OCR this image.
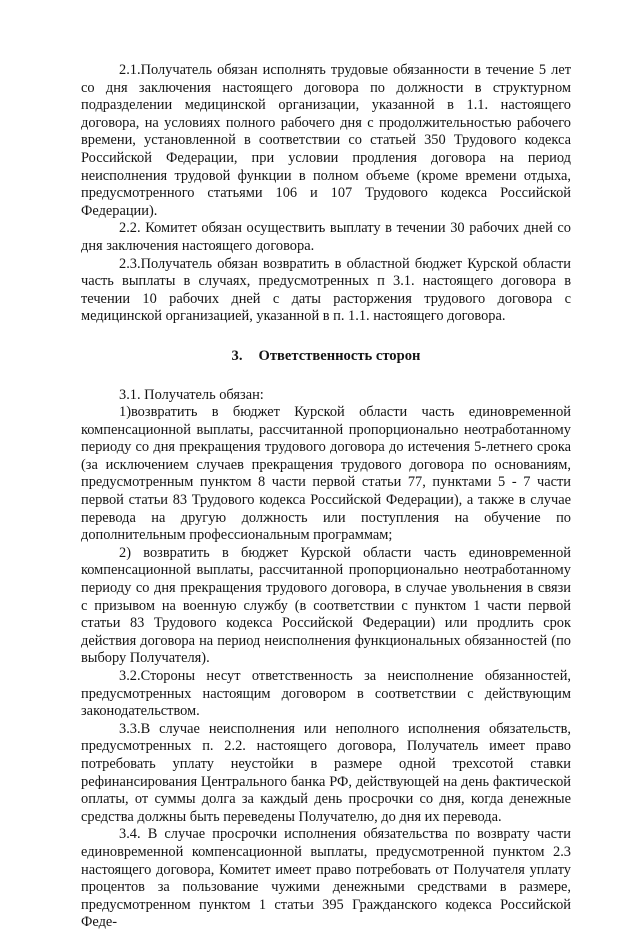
2.1.Получатель обязан исполнять трудовые обязанности в течение 5 лет со дня заключения настоящего договора по должности в структурном подразделении медицинской организации, указанной в 1.1. настоящего договора, на условиях полного рабочего дня с продолжительностью рабочего времени, установленной в соответствии со статьей 350 Трудового кодекса Российской Федерации, при условии продления договора на период неисполнения трудовой функции в полном объеме (кроме времени отдыха, предусмотренного статьями 106 и 107 Трудового кодекса Российской Федерации).

2.2. Комитет обязан осуществить выплату в течении 30 рабочих дней со дня заключения настоящего договора.

2.3.Получатель обязан возвратить в областной бюджет Курской области часть выплаты в случаях, предусмотренных п 3.1. настоящего договора в течении 10 рабочих дней с даты расторжения трудового договора с медицинской организацией, указанной в п. 1.1. настоящего договора.

3. Ответственность сторон

3.1. Получатель обязан:

1)возвратить в бюджет Курской области часть единовременной компенсационной выплаты, рассчитанной пропорционально неотработанному периоду со дня прекращения трудового договора до истечения 5-летнего срока (за исключением случаев прекращения трудового договора по основаниям, предусмотренным пунктом 8 части первой статьи 77, пунктами 5 - 7 части первой статьи 83 Трудового кодекса Российской Федерации), а также в случае перевода на другую должность или поступления на обучение по дополнительным профессиональным программам;

2) возвратить в бюджет Курской области часть единовременной компенсационной выплаты, рассчитанной пропорционально неотработанному периоду со дня прекращения трудового договора, в случае увольнения в связи с призывом на военную службу (в соответствии с пунктом 1 части первой статьи 83 Трудового кодекса Российской Федерации) или продлить срок действия договора на период неисполнения функциональных обязанностей (по выбору Получателя).

3.2.Стороны несут ответственность за неисполнение обязанностей, предусмотренных настоящим договором в соответствии с действующим законодательством.

3.3.В случае неисполнения или неполного исполнения обязательств, предусмотренных п. 2.2. настоящего договора, Получатель имеет право потребовать уплату неустойки в размере одной трехсотой ставки рефинансирования Центрального банка РФ, действующей на день фактической оплаты, от суммы долга за каждый день просрочки со дня, когда денежные средства должны быть переведены Получателю, до дня их перевода.

3.4. В случае просрочки исполнения обязательства по возврату части единовременной компенсационной выплаты, предусмотренной пунктом 2.3 настоящего договора, Комитет имеет право потребовать от Получателя уплату процентов за пользование чужими денежными средствами в размере, предусмотренном пунктом 1 статьи 395 Гражданского кодекса Российской Феде-
